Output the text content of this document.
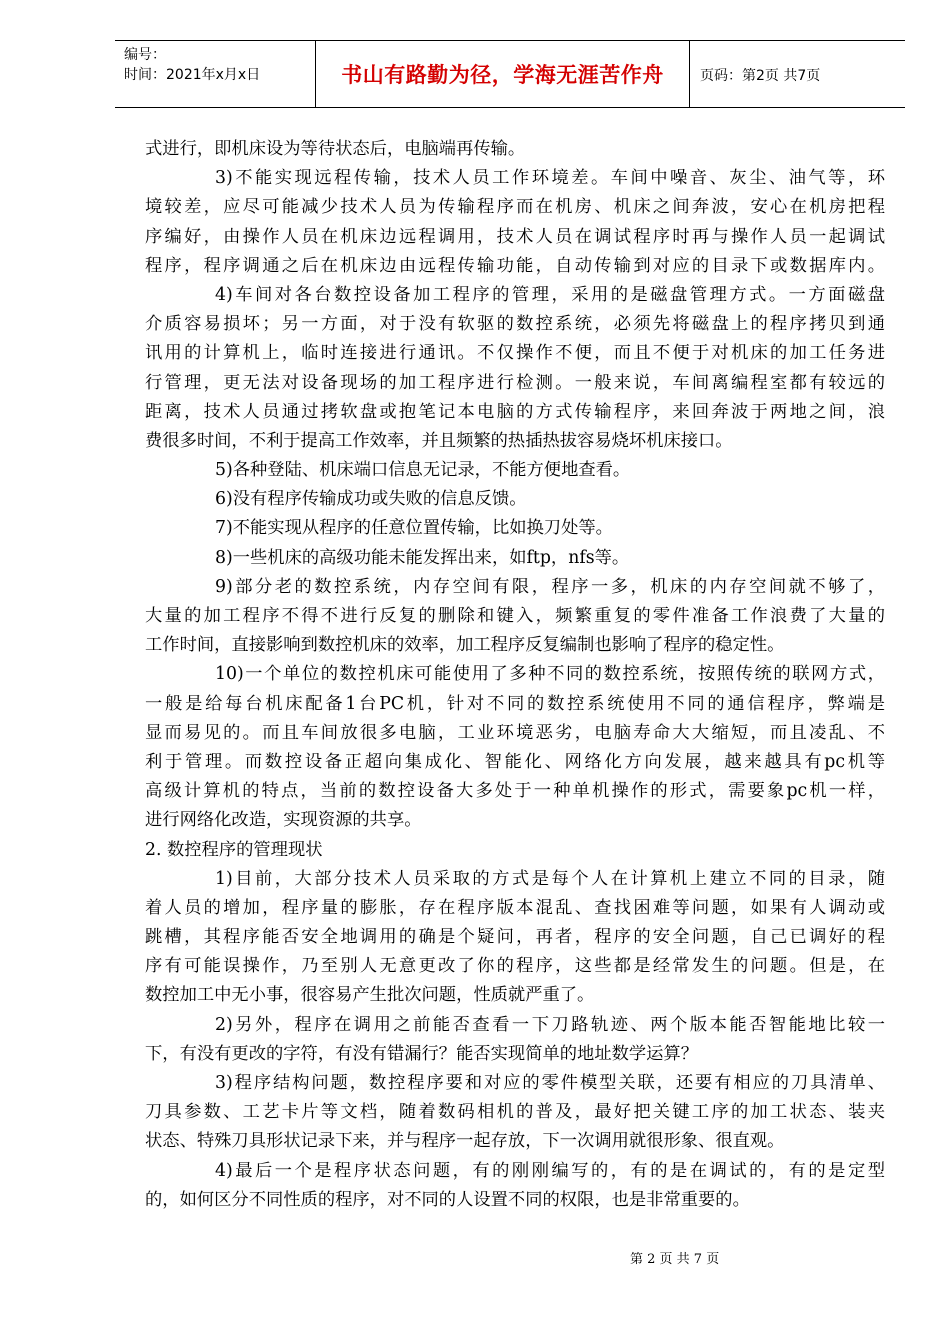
编号：
时间：2021年x月x日	书山有路勤为径，学海无涯苦作舟	页码：第2页 共7页
式进行，即机床设为等待状态后，电脑端再传输。
3)不能实现远程传输，技术人员工作环境差。车间中噪音、灰尘、油气等，环
境较差，应尽可能减少技术人员为传输程序而在机房、机床之间奔波，安心在机房把程
序编好，由操作人员在机床边远程调用，技术人员在调试程序时再与操作人员一起调试
程序，程序调通之后在机床边由远程传输功能，自动传输到对应的目录下或数据库内。
4)车间对各台数控设备加工程序的管理，采用的是磁盘管理方式。一方面磁盘
介质容易损坏；另一方面，对于没有软驱的数控系统，必须先将磁盘上的程序拷贝到通
讯用的计算机上，临时连接进行通讯。不仅操作不便，而且不便于对机床的加工任务进
行管理，更无法对设备现场的加工程序进行检测。一般来说，车间离编程室都有较远的
距离，技术人员通过拷软盘或抱笔记本电脑的方式传输程序，来回奔波于两地之间，浪
费很多时间，不利于提高工作效率，并且频繁的热插热拔容易烧坏机床接口。
5)各种登陆、机床端口信息无记录，不能方便地查看。
6)没有程序传输成功或失败的信息反馈。
7)不能实现从程序的任意位置传输，比如换刀处等。
8)一些机床的高级功能未能发挥出来，如ftp，nfs等。
9)部分老的数控系统，内存空间有限，程序一多，机床的内存空间就不够了，
大量的加工程序不得不进行反复的删除和键入，频繁重复的零件准备工作浪费了大量的
工作时间，直接影响到数控机床的效率，加工程序反复编制也影响了程序的稳定性。
10)一个单位的数控机床可能使用了多种不同的数控系统，按照传统的联网方式，
一般是给每台机床配备1台PC机，针对不同的数控系统使用不同的通信程序，弊端是
显而易见的。而且车间放很多电脑，工业环境恶劣，电脑寿命大大缩短，而且凌乱、不
利于管理。而数控设备正超向集成化、智能化、网络化方向发展，越来越具有pc机等
高级计算机的特点，当前的数控设备大多处于一种单机操作的形式，需要象pc机一样，
进行网络化改造，实现资源的共享。
2. 数控程序的管理现状
1)目前，大部分技术人员采取的方式是每个人在计算机上建立不同的目录，随
着人员的增加，程序量的膨胀，存在程序版本混乱、查找困难等问题，如果有人调动或
跳槽，其程序能否安全地调用的确是个疑问，再者，程序的安全问题，自己已调好的程
序有可能误操作，乃至别人无意更改了你的程序，这些都是经常发生的问题。但是，在
数控加工中无小事，很容易产生批次问题，性质就严重了。
2)另外，程序在调用之前能否查看一下刀路轨迹、两个版本能否智能地比较一
下，有没有更改的字符，有没有错漏行？能否实现简单的地址数学运算？
3)程序结构问题，数控程序要和对应的零件模型关联，还要有相应的刀具清单、
刀具参数、工艺卡片等文档，随着数码相机的普及，最好把关键工序的加工状态、装夹
状态、特殊刀具形状记录下来，并与程序一起存放，下一次调用就很形象、很直观。
4)最后一个是程序状态问题，有的刚刚编写的，有的是在调试的，有的是定型
的，如何区分不同性质的程序，对不同的人设置不同的权限，也是非常重要的。
第 2 页 共 7 页
